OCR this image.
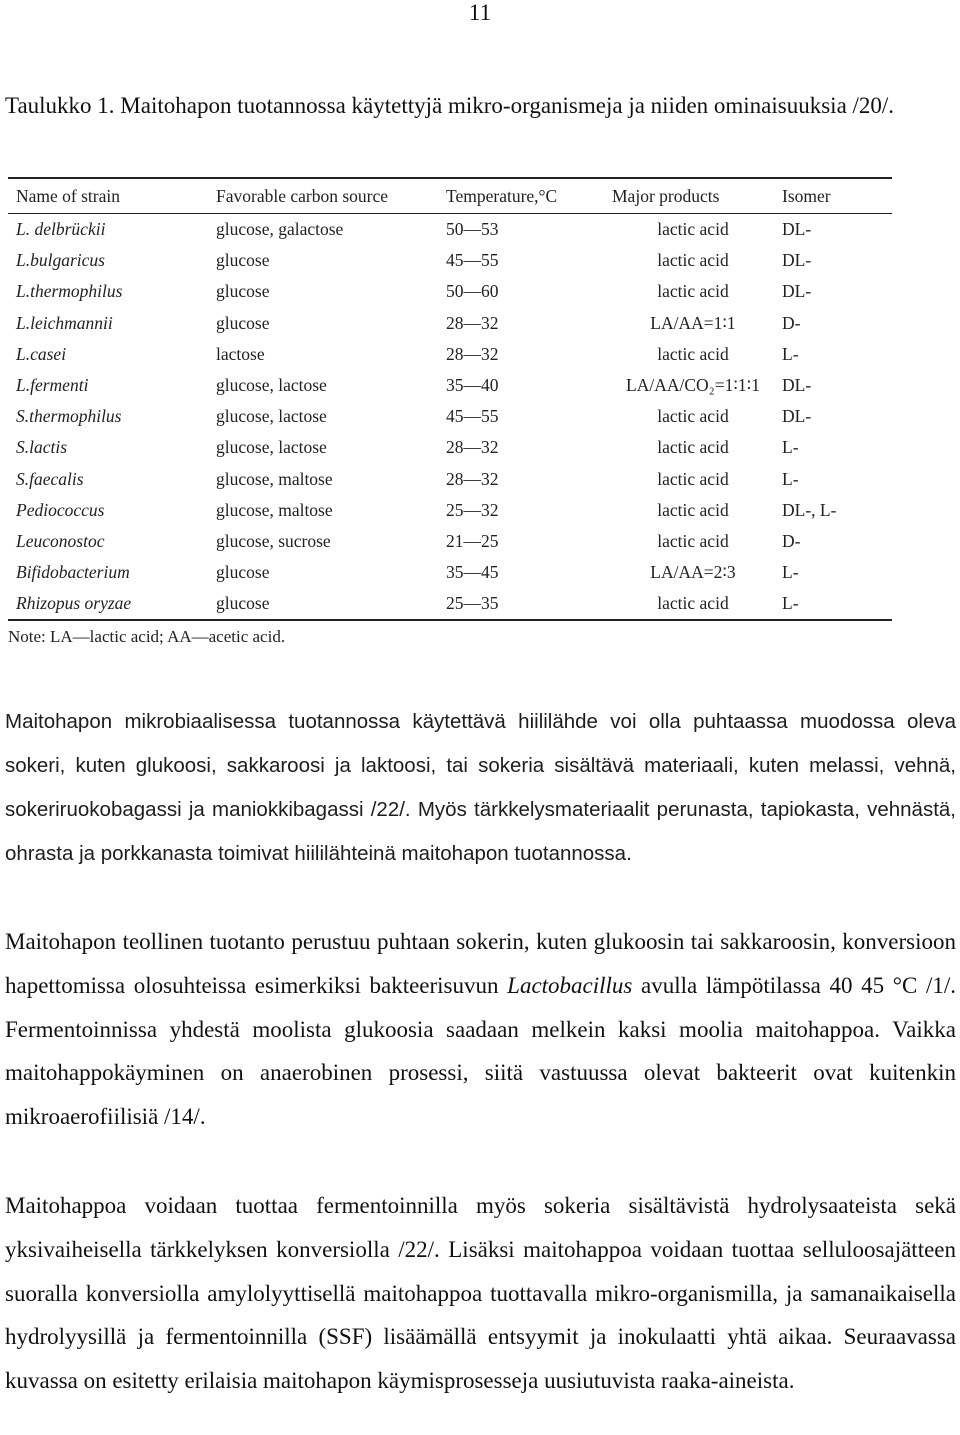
11
Taulukko 1. Maitohapon tuotannossa käytettyjä mikro-organismeja ja niiden ominaisuuksia /20/.
Name of strain	Favorable carbon source	Temperature,°C	Major products	Isomer
L. delbrückii	glucose, galactose	50—53	lactic acid	DL-
L.bulgaricus	glucose	45—55	lactic acid	DL-
L.thermophilus	glucose	50—60	lactic acid	DL-
L.leichmannii	glucose	28—32	LA/AA=1∶1	D-
L.casei	lactose	28—32	lactic acid	L-
L.fermenti	glucose, lactose	35—40	LA/AA/CO₂=1∶1∶1	DL-
S.thermophilus	glucose, lactose	45—55	lactic acid	DL-
S.lactis	glucose, lactose	28—32	lactic acid	L-
S.faecalis	glucose, maltose	28—32	lactic acid	L-
Pediococcus	glucose, maltose	25—32	lactic acid	DL-, L-
Leuconostoc	glucose, sucrose	21—25	lactic acid	D-
Bifidobacterium	glucose	35—45	LA/AA=2∶3	L-
Rhizopus oryzae	glucose	25—35	lactic acid	L-
Note: LA—lactic acid; AA—acetic acid.

Maitohapon mikrobiaalisessa tuotannossa käytettävä hiililähde voi olla puhtaassa muodossa oleva sokeri, kuten glukoosi, sakkaroosi ja laktoosi, tai sokeria sisältävä materiaali, kuten melassi, vehnä, sokeriruokobagassi ja maniokkibagassi /22/. Myös tärkkelysmateriaalit perunasta, tapiokasta, vehnästä, ohrasta ja porkkanasta toimivat hiililähteinä maitohapon tuotannossa.

Maitohapon teollinen tuotanto perustuu puhtaan sokerin, kuten glukoosin tai sakkaroosin, konversioon hapettomissa olosuhteissa esimerkiksi bakteerisuvun Lactobacillus avulla lämpötilassa 40 45 °C /1/. Fermentoinnissa yhdestä moolista glukoosia saadaan melkein kaksi moolia maitohappoa. Vaikka maitohappokäyminen on anaerobinen prosessi, siitä vastuussa olevat bakteerit ovat kuitenkin mikroaerofiilisiä /14/.

Maitohappoa voidaan tuottaa fermentoinnilla myös sokeria sisältävistä hydrolysaateista sekä yksivaiheisella tärkkelyksen konversiolla /22/. Lisäksi maitohappoa voidaan tuottaa selluloosajätteen suoralla konversiolla amylolyyttisellä maitohappoa tuottavalla mikro-organismilla, ja samanaikaisella hydrolyysillä ja fermentoinnilla (SSF) lisäämällä entsyymit ja inokulaatti yhtä aikaa. Seuraavassa kuvassa on esitetty erilaisia maitohapon käymisprosesseja uusiutuvista raaka-aineista.
